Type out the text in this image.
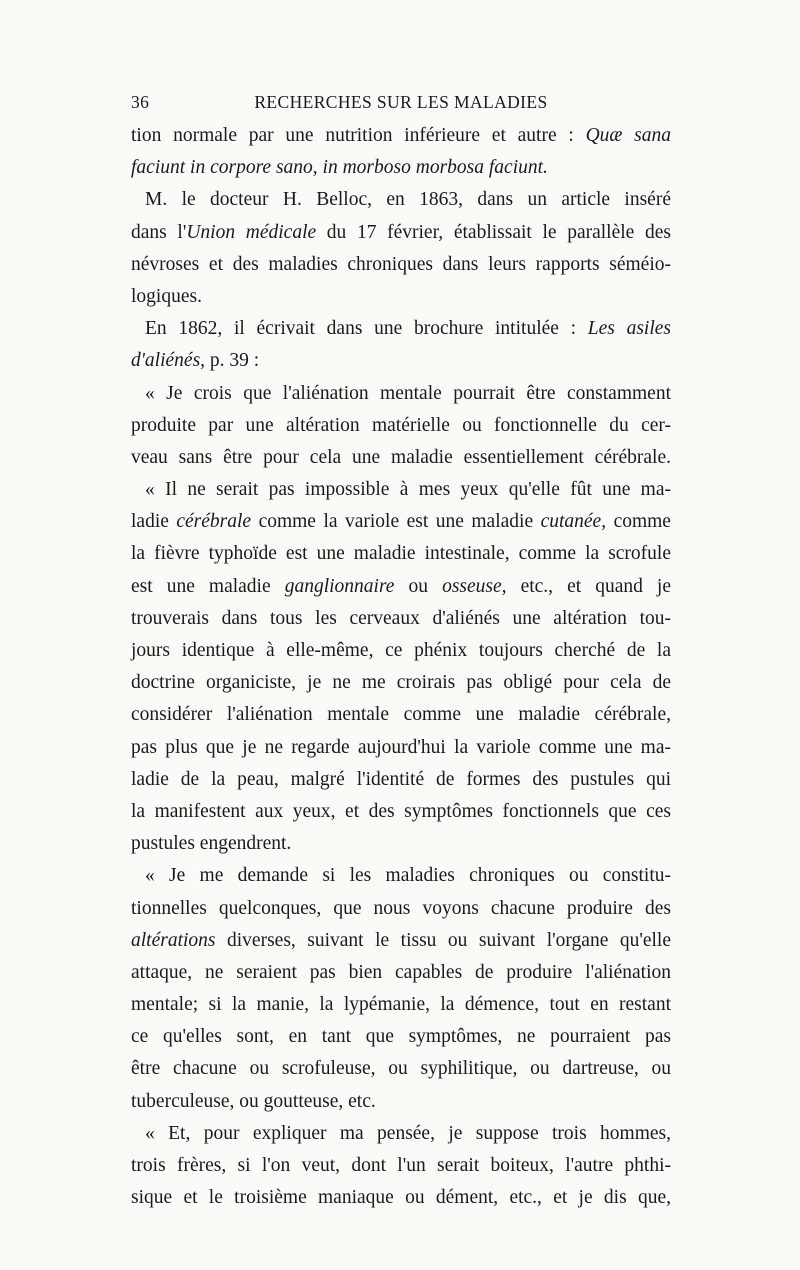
36	RECHERCHES SUR LES MALADIES
tion normale par une nutrition inférieure et autre : Quæ sana
faciunt in corpore sano, in morboso morbosa faciunt.
M. le docteur H. Belloc, en 1863, dans un article inséré
dans l'Union médicale du 17 février, établissait le parallèle des
névroses et des maladies chroniques dans leurs rapports séméio-
logiques.
En 1862, il écrivait dans une brochure intitulée : Les asiles
d'aliénés, p. 39 :
« Je crois que l'aliénation mentale pourrait être constamment
produite par une altération matérielle ou fonctionnelle du cer-
veau sans être pour cela une maladie essentiellement cérébrale.
« Il ne serait pas impossible à mes yeux qu'elle fût une ma-
ladie cérébrale comme la variole est une maladie cutanée, comme
la fièvre typhoïde est une maladie intestinale, comme la scrofule
est une maladie ganglionnaire ou osseuse, etc., et quand je
trouverais dans tous les cerveaux d'aliénés une altération tou-
jours identique à elle-même, ce phénix toujours cherché de la
doctrine organiciste, je ne me croirais pas obligé pour cela de
considérer l'aliénation mentale comme une maladie cérébrale,
pas plus que je ne regarde aujourd'hui la variole comme une ma-
ladie de la peau, malgré l'identité de formes des pustules qui
la manifestent aux yeux, et des symptômes fonctionnels que ces
pustules engendrent.
« Je me demande si les maladies chroniques ou constitu-
tionnelles quelconques, que nous voyons chacune produire des
altérations diverses, suivant le tissu ou suivant l'organe qu'elle
attaque, ne seraient pas bien capables de produire l'aliénation
mentale; si la manie, la lypémanie, la démence, tout en restant
ce qu'elles sont, en tant que symptômes, ne pourraient pas
être chacune ou scrofuleuse, ou syphilitique, ou dartreuse, ou
tuberculeuse, ou goutteuse, etc.
« Et, pour expliquer ma pensée, je suppose trois hommes,
trois frères, si l'on veut, dont l'un serait boiteux, l'autre phthi-
sique et le troisième maniaque ou dément, etc., et je dis que,
